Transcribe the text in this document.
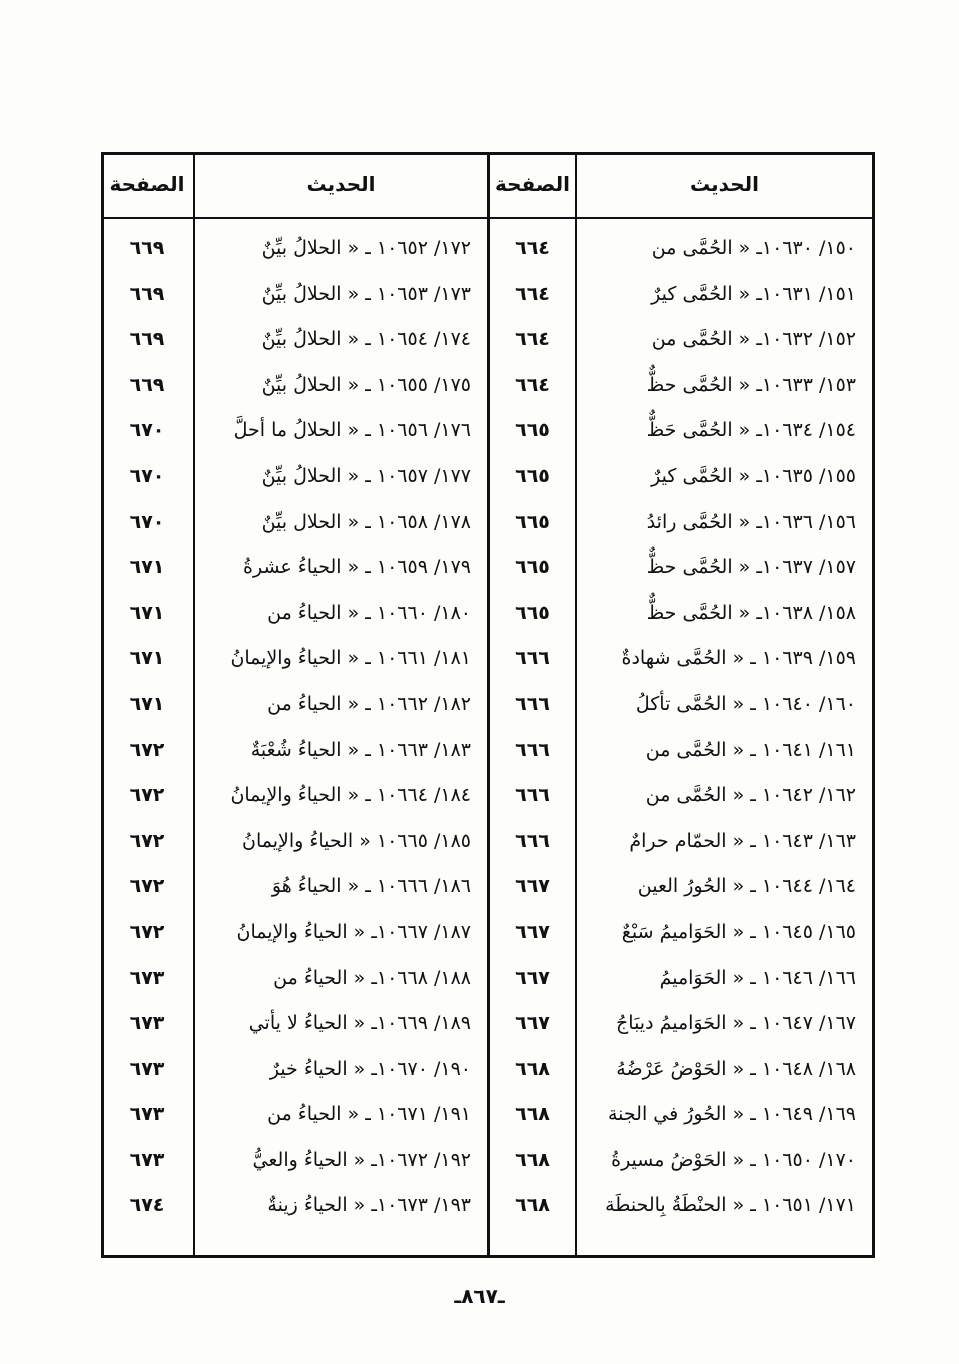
الحديث
الصفحة
الحديث
الصفحة
١٥٠/ ١٠٦٣٠ـ « الحُمَّى من
٦٦٤
١٧٢/ ١٠٦٥٢ ـ « الحلالُ بيِّنٌ
٦٦٩
١٥١/ ١٠٦٣١ـ « الحُمَّى كيرٌ
٦٦٤
١٧٣/ ١٠٦٥٣ ـ « الحلالُ بيِّنٌ
٦٦٩
١٥٢/ ١٠٦٣٢ـ « الحُمَّى من
٦٦٤
١٧٤/ ١٠٦٥٤ ـ « الحلالُ بيِّنٌ
٦٦٩
١٥٣/ ١٠٦٣٣ـ « الحُمَّى حظٌّ
٦٦٤
١٧٥/ ١٠٦٥٥ ـ « الحلالُ بيِّنٌ
٦٦٩
١٥٤/ ١٠٦٣٤ـ « الحُمَّى حَظٌّ
٦٦٥
١٧٦/ ١٠٦٥٦ ـ « الحلالُ ما أحلَّ
٦٧٠
١٥٥/ ١٠٦٣٥ـ « الحُمَّى كيرٌ
٦٦٥
١٧٧/ ١٠٦٥٧ ـ « الحلالُ بيِّنٌ
٦٧٠
١٥٦/ ١٠٦٣٦ـ « الحُمَّى رائدُ
٦٦٥
١٧٨/ ١٠٦٥٨ ـ « الحلال بيِّنٌ
٦٧٠
١٥٧/ ١٠٦٣٧ـ « الحُمَّى حظٌّ
٦٦٥
١٧٩/ ١٠٦٥٩ ـ « الحياءُ عشرةُ
٦٧١
١٥٨/ ١٠٦٣٨ـ « الحُمَّى حظٌّ
٦٦٥
١٨٠/ ١٠٦٦٠ ـ « الحياءُ من
٦٧١
١٥٩/ ١٠٦٣٩ ـ « الحُمَّى شهادةٌ
٦٦٦
١٨١/ ١٠٦٦١ ـ « الحياءُ والإيمانُ
٦٧١
١٦٠/ ١٠٦٤٠ ـ « الحُمَّى تأكلُ
٦٦٦
١٨٢/ ١٠٦٦٢ ـ « الحياءُ من
٦٧١
١٦١/ ١٠٦٤١ ـ « الحُمَّى من
٦٦٦
١٨٣/ ١٠٦٦٣ ـ « الحياءُ شُعْبَةٌ
٦٧٢
١٦٢/ ١٠٦٤٢ ـ « الحُمَّى من
٦٦٦
١٨٤/ ١٠٦٦٤ ـ « الحياءُ والإيمانُ
٦٧٢
١٦٣/ ١٠٦٤٣ ـ « الحمّام حرامٌ
٦٦٦
١٨٥/ ١٠٦٦٥ « الحياءُ والإيمانُ
٦٧٢
١٦٤/ ١٠٦٤٤ ـ « الحُورُ العين
٦٦٧
١٨٦/ ١٠٦٦٦ ـ « الحياءُ هُوَ
٦٧٢
١٦٥/ ١٠٦٤٥ ـ « الحَوَاميمُ سَبْعٌ
٦٦٧
١٨٧/ ١٠٦٦٧ـ « الحياءُ والإيمانُ
٦٧٢
١٦٦/ ١٠٦٤٦ ـ « الحَوَاميمُ
٦٦٧
١٨٨/ ١٠٦٦٨ـ « الحياءُ من
٦٧٣
١٦٧/ ١٠٦٤٧ ـ « الحَوَاميمُ ديبَاجُ
٦٦٧
١٨٩/ ١٠٦٦٩ـ « الحياءُ لا يأتي
٦٧٣
١٦٨/ ١٠٦٤٨ ـ « الحَوْضُ عَرْضُهُ
٦٦٨
١٩٠/ ١٠٦٧٠ـ « الحياءُ خيرٌ
٦٧٣
١٦٩/ ١٠٦٤٩ ـ « الحُورُ في الجنة
٦٦٨
١٩١/ ١٠٦٧١ ـ « الحياءُ من
٦٧٣
١٧٠/ ١٠٦٥٠ ـ « الحَوْضُ مسيرةُ
٦٦٨
١٩٢/ ١٠٦٧٢ـ « الحياءُ والعيُّ
٦٧٣
١٧١/ ١٠٦٥١ ـ « الحنْطَةُ بِالحنطَة
٦٦٨
١٩٣/ ١٠٦٧٣ـ « الحياءُ زينةٌ
٦٧٤
ـ٨٦٧ـ
